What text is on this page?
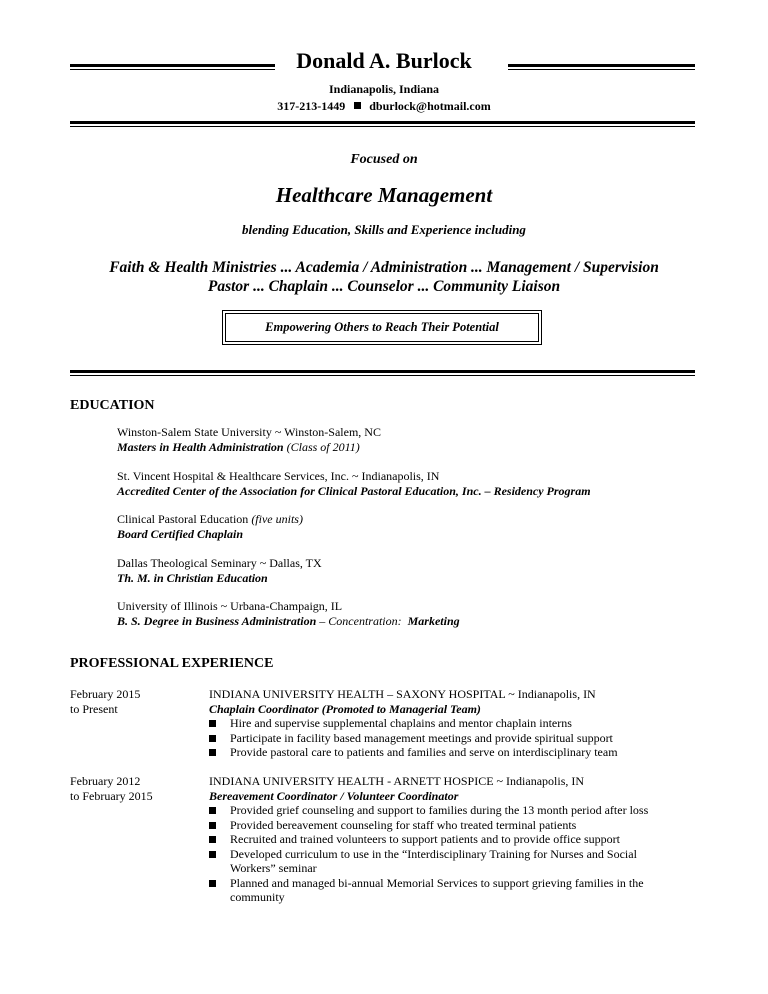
Donald A. Burlock
Indianapolis, Indiana
317-213-1449 dburlock@hotmail.com
Focused on
Healthcare Management
blending Education, Skills and Experience including
Faith & Health Ministries ... Academia / Administration ... Management / Supervision
Pastor ... Chaplain ... Counselor ... Community Liaison
Empowering Others to Reach Their Potential
EDUCATION
Winston-Salem State University ~ Winston-Salem, NC
Masters in Health Administration (Class of 2011)
St. Vincent Hospital & Healthcare Services, Inc. ~ Indianapolis, IN
Accredited Center of the Association for Clinical Pastoral Education, Inc. – Residency Program
Clinical Pastoral Education (five units)
Board Certified Chaplain
Dallas Theological Seminary ~ Dallas, TX
Th. M. in Christian Education
University of Illinois ~ Urbana-Champaign, IL
B. S. Degree in Business Administration – Concentration:  Marketing
PROFESSIONAL EXPERIENCE
February 2015
to Present
INDIANA UNIVERSITY HEALTH – SAXONY HOSPITAL ~ Indianapolis, IN
Chaplain Coordinator (Promoted to Managerial Team)
Hire and supervise supplemental chaplains and mentor chaplain interns
Participate in facility based management meetings and provide spiritual support
Provide pastoral care to patients and families and serve on interdisciplinary team
February 2012
to February 2015
INDIANA UNIVERSITY HEALTH - ARNETT HOSPICE ~ Indianapolis, IN
Bereavement Coordinator / Volunteer Coordinator
Provided grief counseling and support to families during the 13 month period after loss
Provided bereavement counseling for staff who treated terminal patients
Recruited and trained volunteers to support patients and to provide office support
Developed curriculum to use in the “Interdisciplinary Training for Nurses and Social Workers” seminar
Planned and managed bi-annual Memorial Services to support grieving families in the community
